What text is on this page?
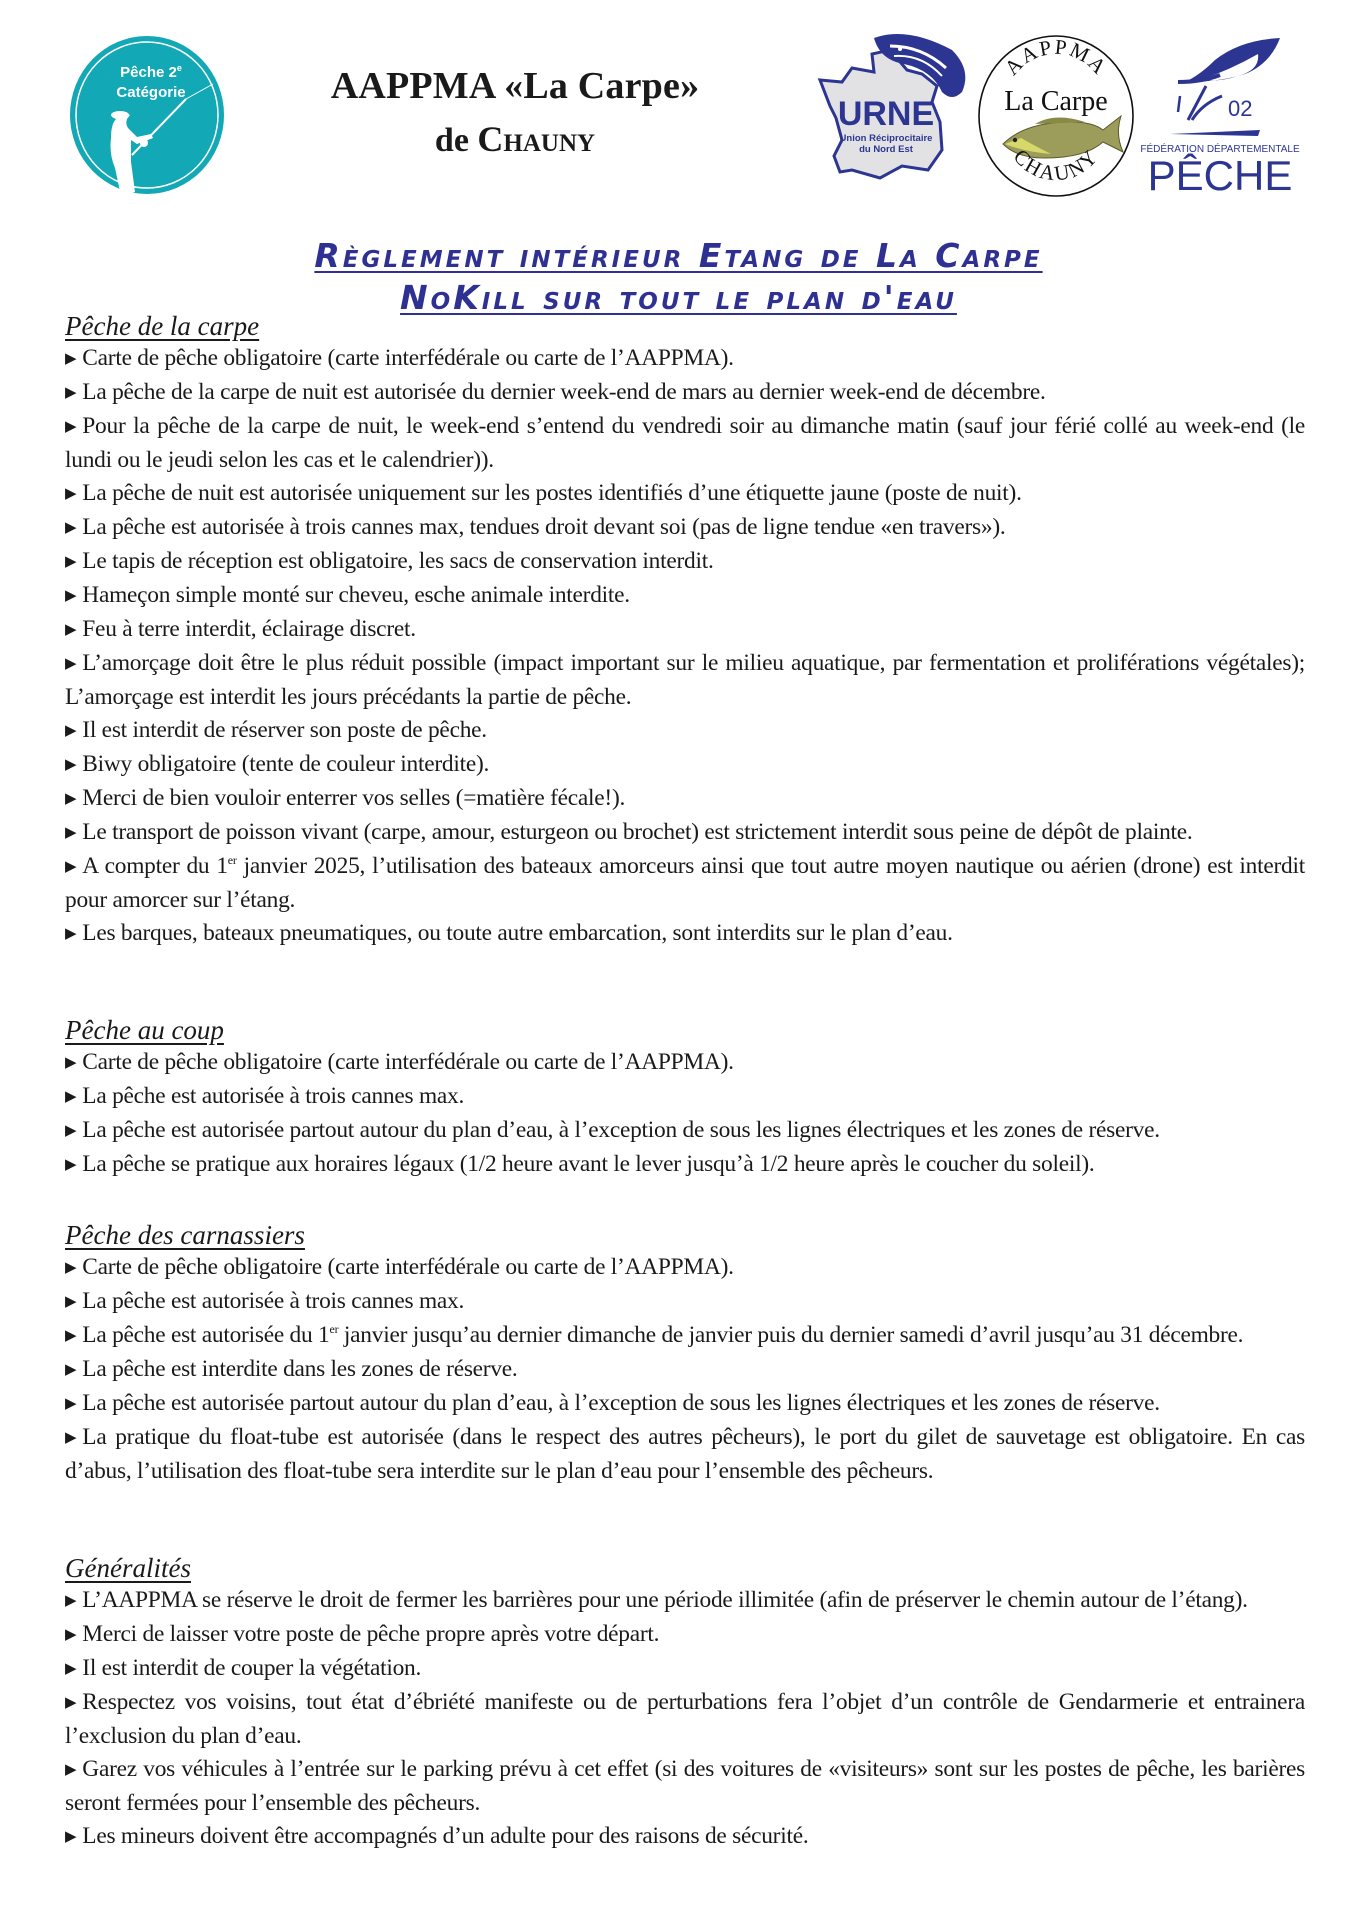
Pêche 2e
Catégorie	AAPPMA «La Carpe»
de Chauny
URNE
Union Réciprocitaire
du Nord Est
AAPPMA
La Carpe
CHAUNY
02
FÉDÉRATION DÉPARTEMENTALE
PÊCHE
Règlement intérieur Etang de La Carpe
NoKill sur tout le plan d'eau
Pêche de la carpe
▶ Carte de pêche obligatoire (carte interfédérale ou carte de l’AAPPMA).
▶ La pêche de la carpe de nuit est autorisée du dernier week-end de mars au dernier week-end de décembre.
▶ Pour la pêche de la carpe de nuit, le week-end s’entend du vendredi soir au dimanche matin (sauf jour férié collé au week-end (le lundi ou le jeudi selon les cas et le calendrier)).
▶ La pêche de nuit est autorisée uniquement sur les postes identifiés d’une étiquette jaune (poste de nuit).
▶ La pêche est autorisée à trois cannes max, tendues droit devant soi (pas de ligne tendue «en travers»).
▶ Le tapis de réception est obligatoire, les sacs de conservation interdit.
▶ Hameçon simple monté sur cheveu, esche animale interdite.
▶ Feu à terre interdit, éclairage discret.
▶ L’amorçage doit être le plus réduit possible (impact important sur le milieu aquatique, par fermentation et proliférations végétales); L’amorçage est interdit les jours précédants la partie de pêche.
▶ Il est interdit de réserver son poste de pêche.
▶ Biwy obligatoire (tente de couleur interdite).
▶ Merci de bien vouloir enterrer vos selles (=matière fécale!).
▶ Le transport de poisson vivant (carpe, amour, esturgeon ou brochet) est strictement interdit sous peine de dépôt de plainte.
▶ A compter du 1er janvier 2025, l’utilisation des bateaux amorceurs ainsi que tout autre moyen nautique ou aérien (drone) est interdit pour amorcer sur l’étang.
▶ Les barques, bateaux pneumatiques, ou toute autre embarcation, sont interdits sur le plan d’eau.
Pêche au coup
▶ Carte de pêche obligatoire (carte interfédérale ou carte de l’AAPPMA).
▶ La pêche est autorisée à trois cannes max.
▶ La pêche est autorisée partout autour du plan d’eau, à l’exception de sous les lignes électriques et les zones de réserve.
▶ La pêche se pratique aux horaires légaux (1/2 heure avant le lever jusqu’à 1/2 heure après le coucher du soleil).
Pêche des carnassiers
▶ Carte de pêche obligatoire (carte interfédérale ou carte de l’AAPPMA).
▶ La pêche est autorisée à trois cannes max.
▶ La pêche est autorisée du 1er janvier jusqu’au dernier dimanche de janvier puis du dernier samedi d’avril jusqu’au 31 décembre.
▶ La pêche est interdite dans les zones de réserve.
▶ La pêche est autorisée partout autour du plan d’eau, à l’exception de sous les lignes électriques et les zones de réserve.
▶ La pratique du float-tube est autorisée (dans le respect des autres pêcheurs), le port du gilet de sauvetage est obligatoire. En cas d’abus, l’utilisation des float-tube sera interdite sur le plan d’eau pour l’ensemble des pêcheurs.
Généralités
▶ L’AAPPMA se réserve le droit de fermer les barrières pour une période illimitée (afin de préserver le chemin autour de l’étang).
▶ Merci de laisser votre poste de pêche propre après votre départ.
▶ Il est interdit de couper la végétation.
▶ Respectez vos voisins, tout état d’ébriété manifeste ou de perturbations fera l’objet d’un contrôle de Gendarmerie et entrainera l’exclusion du plan d’eau.
▶ Garez vos véhicules à l’entrée sur le parking prévu à cet effet (si des voitures de «visiteurs» sont sur les postes de pêche, les barières seront fermées pour l’ensemble des pêcheurs.
▶ Les mineurs doivent être accompagnés d’un adulte pour des raisons de sécurité.
